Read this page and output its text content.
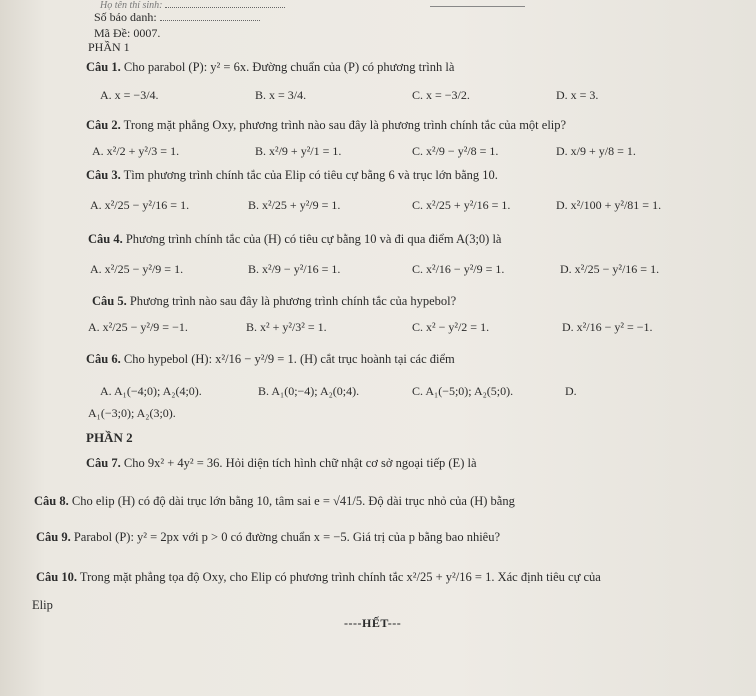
Họ tên thí sinh:
Số báo danh:
Mã Đề: 0007.
PHẦN 1
Câu 1. Cho parabol (P): y² = 6x. Đường chuẩn của (P) có phương trình là
A. x = −3/4.	B. x = 3/4.	C. x = −3/2.	D. x = 3.
Câu 2. Trong mặt phẳng Oxy, phương trình nào sau đây là phương trình chính tắc của một elip?
A. x²/2 + y²/3 = 1.	B. x²/9 + y²/1 = 1.	C. x²/9 − y²/8 = 1.	D. x/9 + y/8 = 1.
Câu 3. Tìm phương trình chính tắc của Elip có tiêu cự bằng 6 và trục lớn bằng 10.
A. x²/25 − y²/16 = 1.	B. x²/25 + y²/9 = 1.	C. x²/25 + y²/16 = 1.	D. x²/100 + y²/81 = 1.
Câu 4. Phương trình chính tắc của (H) có tiêu cự bằng 10 và đi qua điểm A(3;0) là
A. x²/25 − y²/9 = 1.	B. x²/9 − y²/16 = 1.	C. x²/16 − y²/9 = 1.	D. x²/25 − y²/16 = 1.
Câu 5. Phương trình nào sau đây là phương trình chính tắc của hypebol?
A. x²/25 − y²/9 = −1.	B. x² + y²/3² = 1.	C. x² − y²/2 = 1.	D. x²/16 − y² = −1.
Câu 6. Cho hypebol (H): x²/16 − y²/9 = 1. (H) cắt trục hoành tại các điểm
A. A₁(−4;0); A₂(4;0).	B. A₁(0;−4); A₂(0;4).	C. A₁(−5;0); A₂(5;0).	D.
A₁(−3;0); A₂(3;0).
PHẦN 2
Câu 7. Cho 9x² + 4y² = 36. Hỏi diện tích hình chữ nhật cơ sở ngoại tiếp (E) là
Câu 8. Cho elip (H) có độ dài trục lớn bằng 10, tâm sai e = √41/5. Độ dài trục nhỏ của (H) bằng
Câu 9. Parabol (P): y² = 2px với p > 0 có đường chuẩn x = −5. Giá trị của p bằng bao nhiêu?
Câu 10. Trong mặt phẳng tọa độ Oxy, cho Elip có phương trình chính tắc x²/25 + y²/16 = 1. Xác định tiêu cự của
Elip
----HẾT---
